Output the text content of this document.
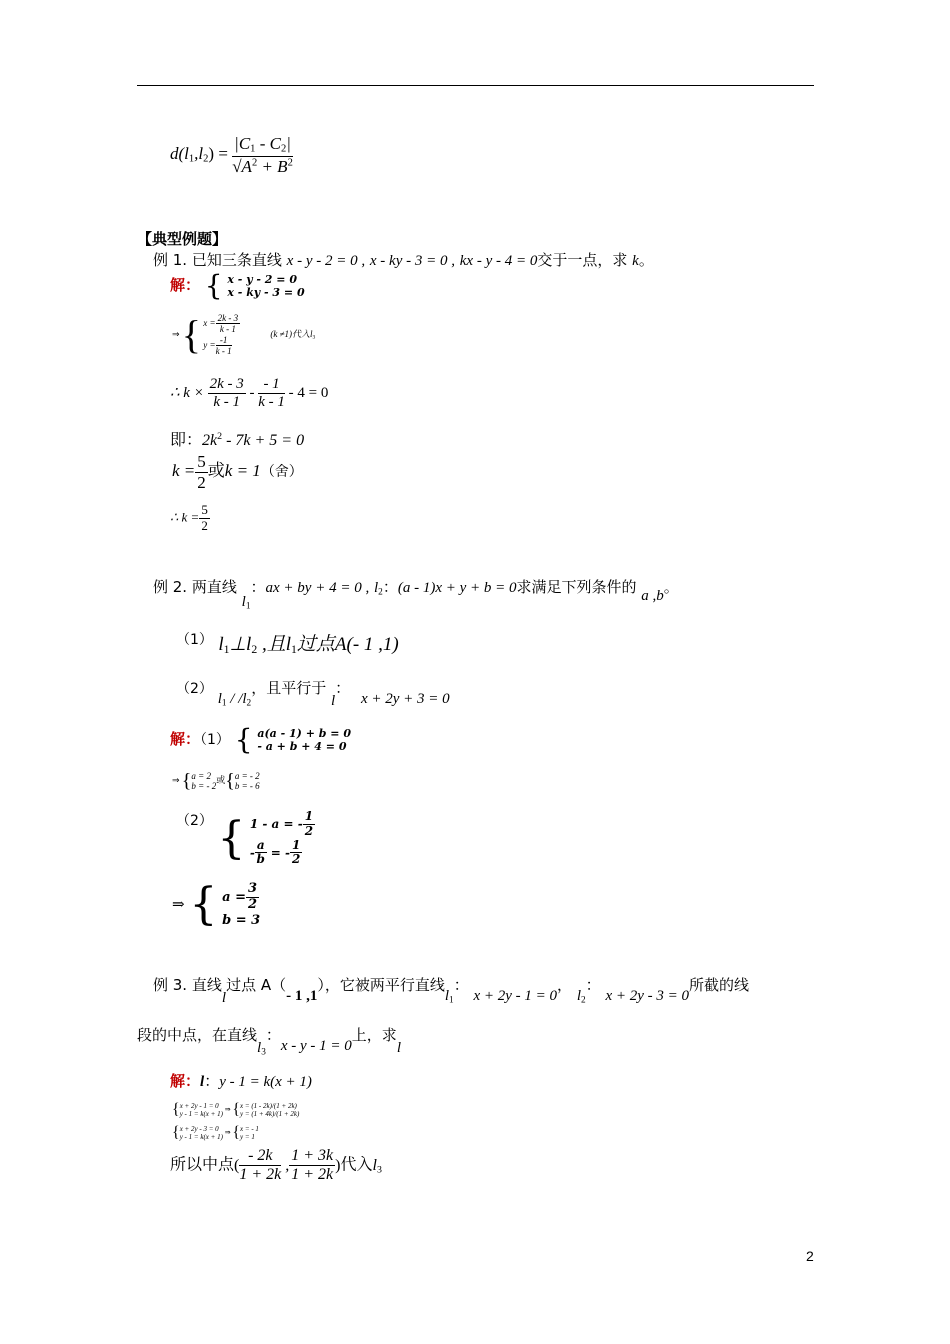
$d(l_1,l_2) = \frac{|C_1 - C_2|}{√A^2 + B^2}$
【典型例题】
例 1. 已知三条直线 x - y - 2 = 0 , x - ky - 3 = 0 , kx - y - 4 = 0交于一点，求 k。
解： { x - y - 2 = 0
x - ky - 3 = 0
⇒ { $x = \frac{2k - 3}{k - 1}$
$y = \frac{-1}{k - 1}$
(k ≠1)代入$l_3$
∴ $k \times \frac{2k - 3}{k - 1} - \frac{- 1}{k - 1} - 4 = 0$
即：$2k^2 - 7k + 5 = 0$
$k = \frac{5}{2}$ 或k = 1（舍）
∴ $k = \frac{5}{2}$
例 2. 两直线 $l_1$：ax + by + 4 = 0 , $l_2$：(a - 1)x + y + b = 0求满足下列条件的 a ,b。
$^{(1)}$ $l_1\perp l_2$ ,且$l_1$过点A(- 1 ,1)
（2） $l_1 / /l_2$，且平行于 l： x + 2y + 3 = 0
解：（1） { a(a - 1) + b = 0
- a + b + 4 = 0
⇒ { a = 2
b = - 2 或{ a = - 2
b = - 6
（2） { 1 - a = - $\frac{1}{2}$
- $\frac{a}{b}$ = - $\frac{1}{2}$
⇒ { $a = \frac{3}{2}$
b = 3
例 3. 直线l过点 A（- 1 ,1），它被两平行直线$l_1$： x + 2y - 1 = 0， $l_2$： x + 2y - 3 = 0所截的线
段的中点，在直线$l_3$：x - y - 1 = 0上，求l
解：l：y - 1 = k(x + 1)
{ x + 2y - 1 = 0
y - 1 = k(x + 1)
⇒ { x = (1 - 2k)/(1 + 2k)
y = (1 + 4k)/(1 + 2k)
{ x + 2y - 3 = 0
y - 1 = k(x + 1)
⇒ { x = - 1
y = 1
所以中点( $\frac{- 2k}{1 + 2k}$ , $\frac{1 + 3k}{1 + 2k}$ )代入$l_3$
2
